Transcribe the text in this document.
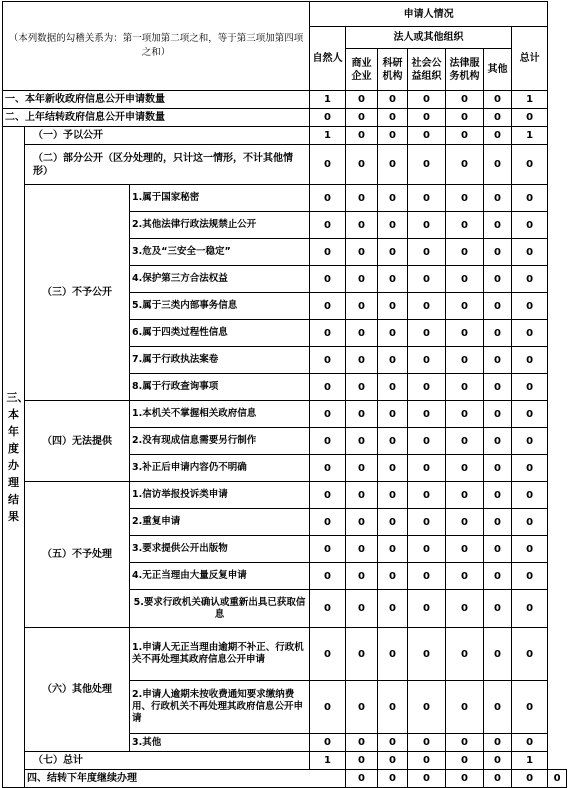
（本列数据的勾稽关系为：第一项加第二项之和，等于第三项加第四项之和）			申请人情况							
			自然人	法人或其他组织					总计	
				商业企业	科研机构	社会公益组织	法律服务机构	其他		
一、本年新收政府信息公开申请数量			1	0	0	0	0	0	1	
二、上年结转政府信息公开申请数量			0	0	0	0	0	0	0	

三、本年度办理结果	（一）予以公开		1	0	0	0	0	0	1	
	（二）部分公开（区分处理的，只计这一情形，不计其他情形）		0	0	0	0	0	0	0	
	（三）不予公开	1.属于国家秘密	0	0	0	0	0	0	0	
		2.其他法律行政法规禁止公开	0	0	0	0	0	0	0	
		3.危及“三安全一稳定”	0	0	0	0	0	0	0	
		4.保护第三方合法权益	0	0	0	0	0	0	0	
		5.属于三类内部事务信息	0	0	0	0	0	0	0	
		6.属于四类过程性信息	0	0	0	0	0	0	0	
		7.属于行政执法案卷	0	0	0	0	0	0	0	
		8.属于行政查询事项	0	0	0	0	0	0	0	
	（四）无法提供	1.本机关不掌握相关政府信息	0	0	0	0	0	0	0	
		2.没有现成信息需要另行制作	0	0	0	0	0	0	0	
		3.补正后申请内容仍不明确	0	0	0	0	0	0	0	
	（五）不予处理	1.信访举报投诉类申请	0	0	0	0	0	0	0	
		2.重复申请	0	0	0	0	0	0	0	
		3.要求提供公开出版物	0	0	0	0	0	0	0	
		4.无正当理由大量反复申请	0	0	0	0	0	0	0	
		5.要求行政机关确认或重新出具已获取信息	0	0	0	0	0	0	0	
	（六）其他处理	1.申请人无正当理由逾期不补正、行政机关不再处理其政府信息公开申请	0	0	0	0	0	0	0	
		2.申请人逾期未按收费通知要求缴纳费用、行政机关不再处理其政府信息公开申请	0	0	0	0	0	0	0	
		3.其他	0	0	0	0	0	0	0	
	（七）总计		1	0	0	0	0	0	1	
	四、结转下年度继续办理			0	0	0	0	0	0	0
